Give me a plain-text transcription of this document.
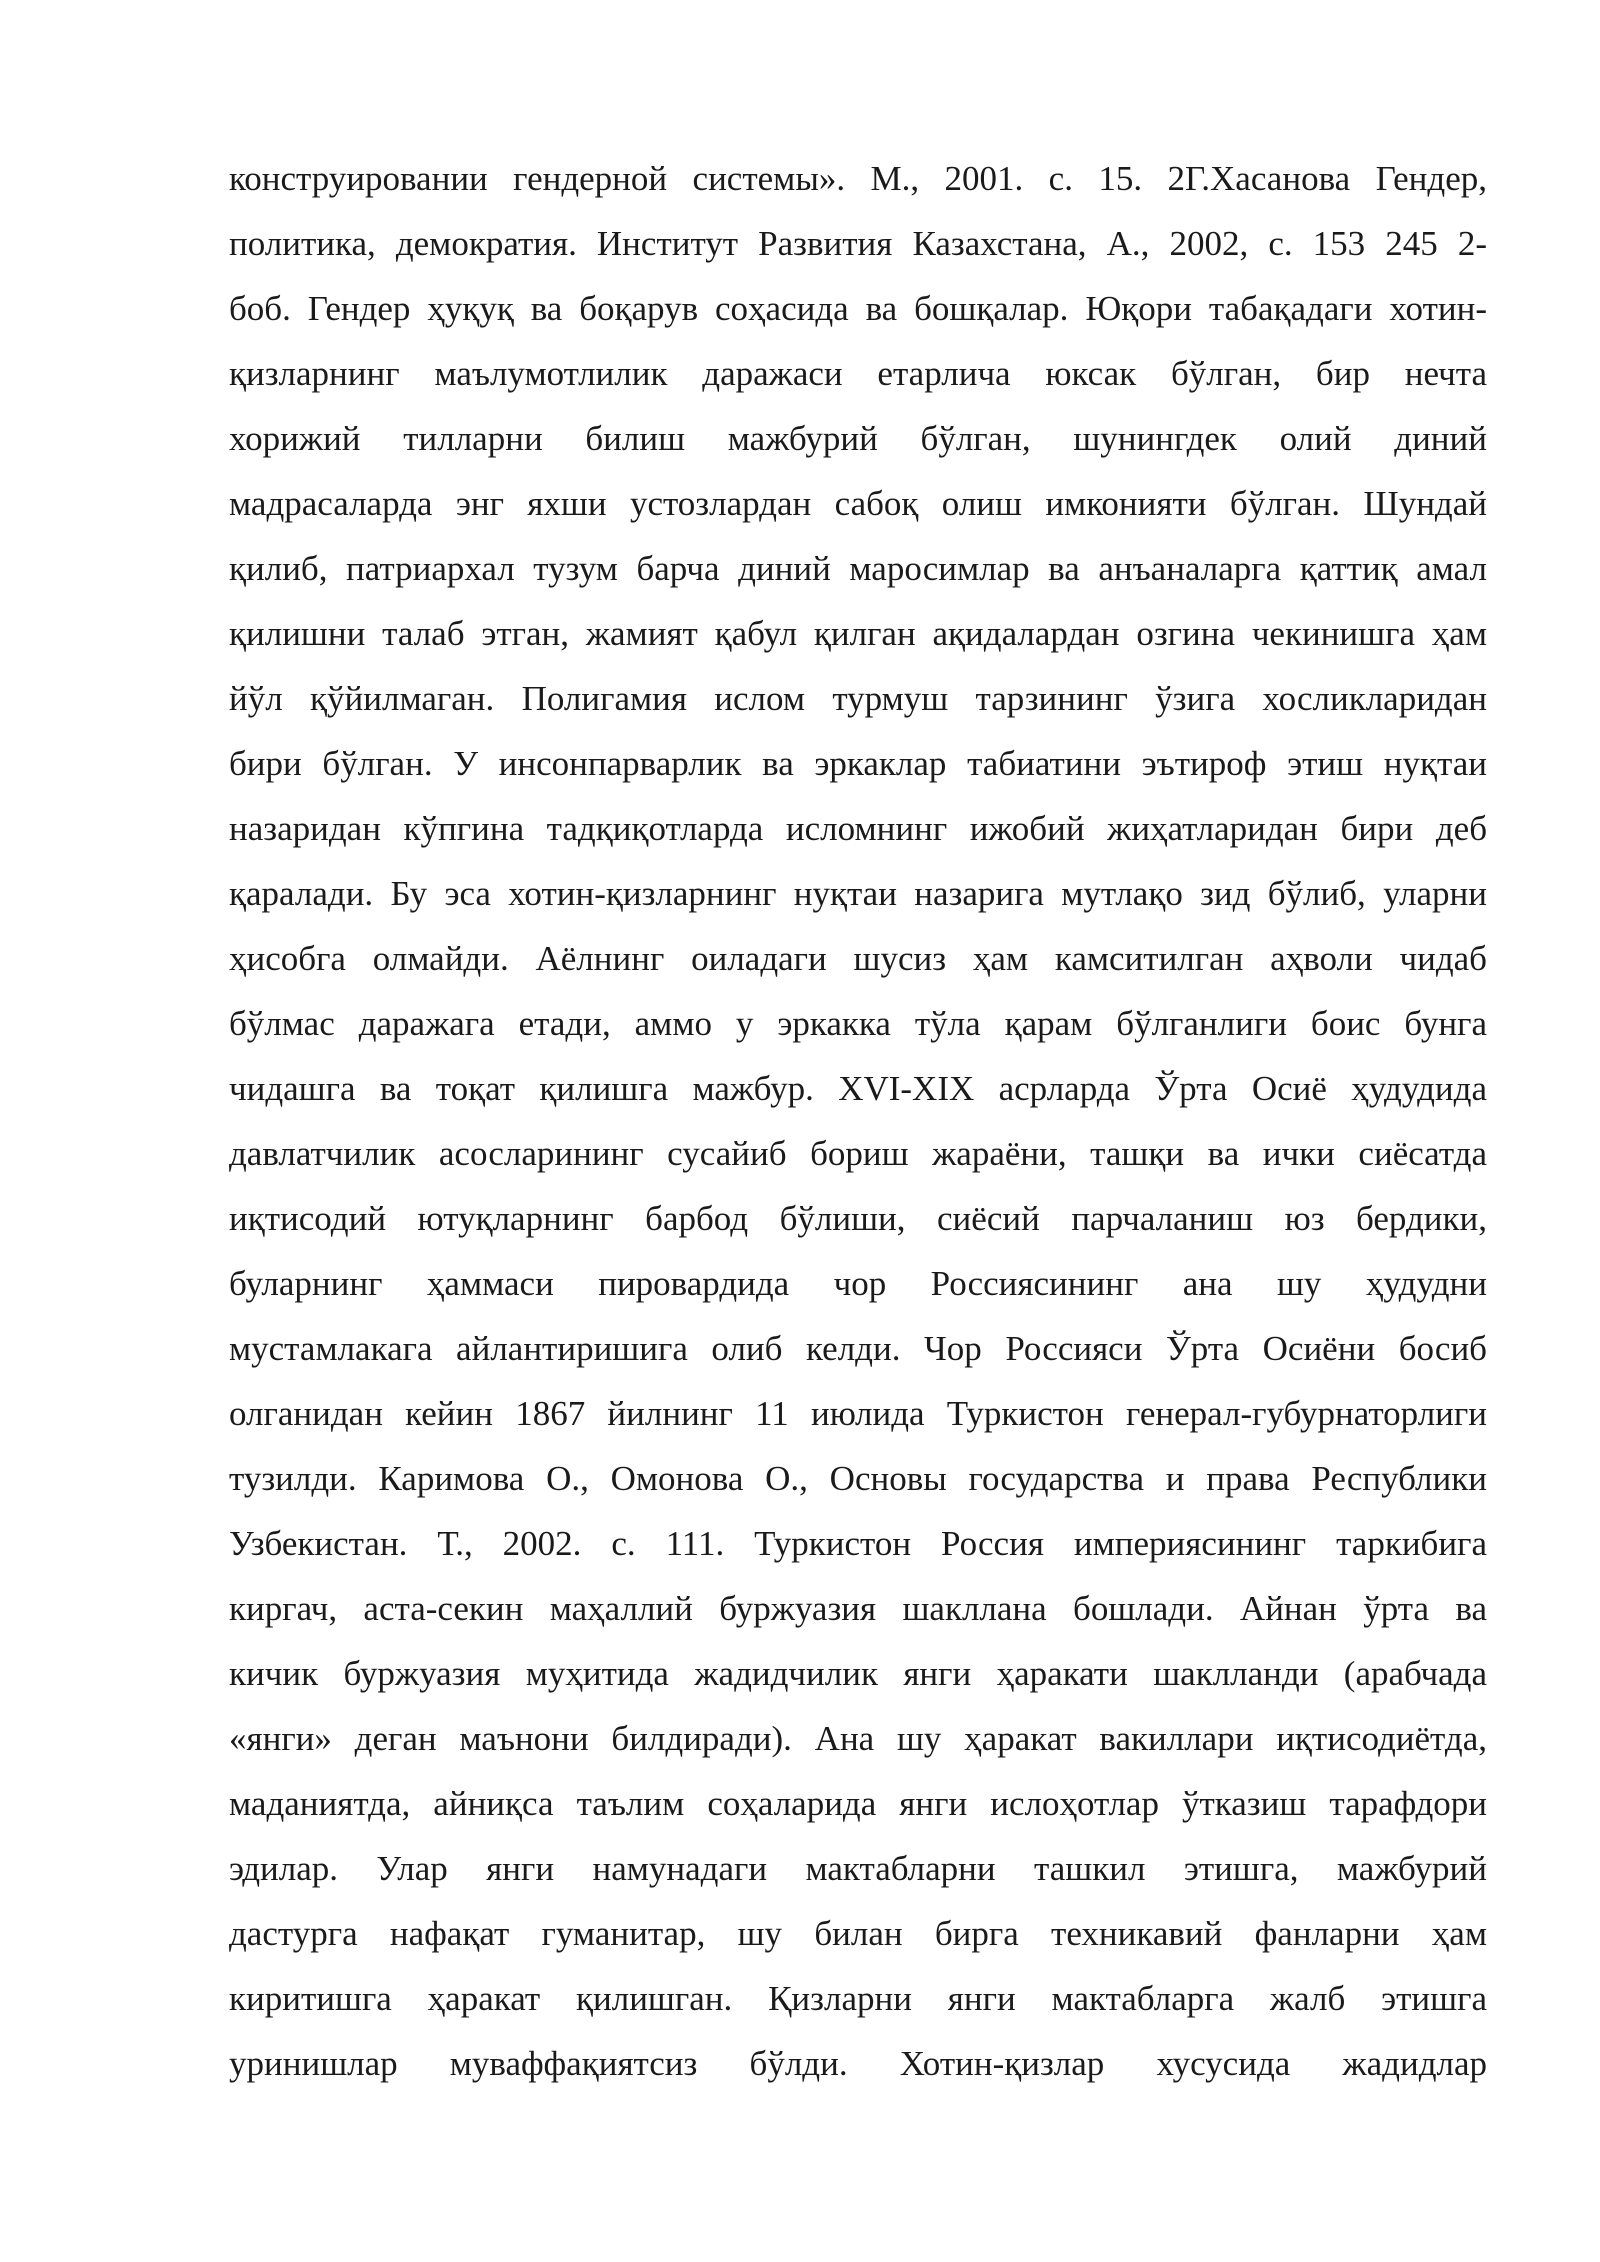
конструировании гендерной системы». М., 2001. с. 15. 2Г.Хасанова Гендер,
политика, демократия. Институт Развития Казахстана, А., 2002, с. 153 245 2-
боб. Гендер ҳуқуқ ва боқарув соҳасида ва бошқалар. Юқори табақадаги хотин-
қизларнинг маълумотлилик даражаси етарлича юксак бўлган, бир нечта
хорижий тилларни билиш мажбурий бўлган, шунингдек олий диний
мадрасаларда энг яхши устозлардан сабоқ олиш имконияти бўлган. Шундай
қилиб, патриархал тузум барча диний маросимлар ва анъаналарга қаттиқ амал
қилишни талаб этган, жамият қабул қилган ақидалардан озгина чекинишга ҳам
йўл қўйилмаган. Полигамия ислом турмуш тарзининг ўзига хосликларидан
бири бўлган. У инсонпарварлик ва эркаклар табиатини эътироф этиш нуқтаи
назаридан кўпгина тадқиқотларда исломнинг ижобий жиҳатларидан бири деб
қаралади. Бу эса хотин-қизларнинг нуқтаи назарига мутлақо зид бўлиб, уларни
ҳисобга олмайди. Аёлнинг оиладаги шусиз ҳам камситилган аҳволи чидаб
бўлмас даражага етади, аммо у эркакка тўла қарам бўлганлиги боис бунга
чидашга ва тоқат қилишга мажбур. XVI-XIX асрларда Ўрта Осиё ҳудудида
давлатчилик асосларининг сусайиб бориш жараёни, ташқи ва ички сиёсатда
иқтисодий ютуқларнинг барбод бўлиши, сиёсий парчаланиш юз бердики,
буларнинг ҳаммаси пировардида чор Россиясининг ана шу ҳудудни
мустамлакага айлантиришига олиб келди. Чор Россияси Ўрта Осиёни босиб
олганидан кейин 1867 йилнинг 11 июлида Туркистон генерал-губурнаторлиги
тузилди. Каримова О., Омонова О., Основы государства и права Республики
Узбекистан. Т., 2002. с. 111. Туркистон Россия империясининг таркибига
киргач, аста-секин маҳаллий буржуазия шакллана бошлади. Айнан ўрта ва
кичик буржуазия муҳитида жадидчилик янги ҳаракати шаклланди (арабчада
«янги» деган маънони билдиради). Ана шу ҳаракат вакиллари иқтисодиётда,
маданиятда, айниқса таълим соҳаларида янги ислоҳотлар ўтказиш тарафдори
эдилар. Улар янги намунадаги мактабларни ташкил этишга, мажбурий
дастурга нафақат гуманитар, шу билан бирга техникавий фанларни ҳам
киритишга ҳаракат қилишган. Қизларни янги мактабларга жалб этишга
уринишлар муваффақиятсиз бўлди. Хотин-қизлар хусусида жадидлар
